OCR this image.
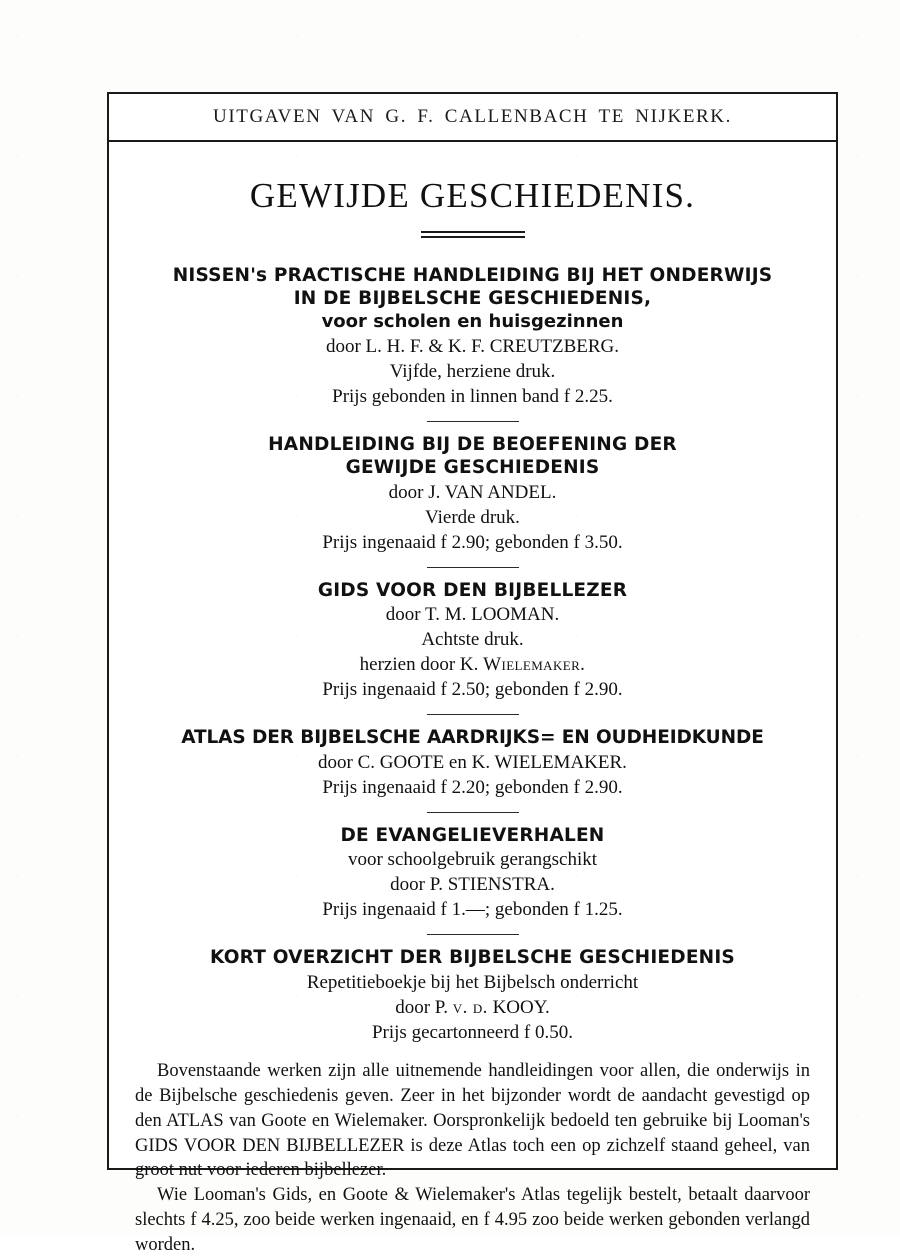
UITGAVEN VAN G. F. CALLENBACH TE NIJKERK.
GEWIJDE GESCHIEDENIS.
NISSEN's PRACTISCHE HANDLEIDING BIJ HET ONDERWIJS
IN DE BIJBELSCHE GESCHIEDENIS,
voor scholen en huisgezinnen
door L. H. F. & K. F. CREUTZBERG.
Vijfde, herziene druk.
Prijs gebonden in linnen band f 2.25.
HANDLEIDING BIJ DE BEOEFENING DER
GEWIJDE GESCHIEDENIS
door J. VAN ANDEL.
Vierde druk.
Prijs ingenaaid f 2.90; gebonden f 3.50.
GIDS VOOR DEN BIJBELLEZER
door T. M. LOOMAN.
Achtste druk.
herzien door K. Wielemaker.
Prijs ingenaaid f 2.50; gebonden f 2.90.
ATLAS DER BIJBELSCHE AARDRIJKS= EN OUDHEIDKUNDE
door C. GOOTE en K. WIELEMAKER.
Prijs ingenaaid f 2.20; gebonden f 2.90.
DE EVANGELIEVERHALEN
voor schoolgebruik gerangschikt
door P. STIENSTRA.
Prijs ingenaaid f 1.—; gebonden f 1.25.
KORT OVERZICHT DER BIJBELSCHE GESCHIEDENIS
Repetitieboekje bij het Bijbelsch onderricht
door P. v. d. KOOY.
Prijs gecartonneerd f 0.50.

Bovenstaande werken zijn alle uitnemende handleidingen voor allen, die onderwijs in de Bijbelsche geschiedenis geven. Zeer in het bijzonder wordt de aandacht gevestigd op den ATLAS van Goote en Wielemaker. Oorspronkelijk bedoeld ten gebruike bij Looman's GIDS VOOR DEN BIJBELLEZER is deze Atlas toch een op zichzelf staand geheel, van groot nut voor iederen bijbellezer.

Wie Looman's Gids, en Goote & Wielemaker's Atlas tegelijk bestelt, betaalt daarvoor slechts f 4.25, zoo beide werken ingenaaid, en f 4.95 zoo beide werken gebonden verlangd worden.
